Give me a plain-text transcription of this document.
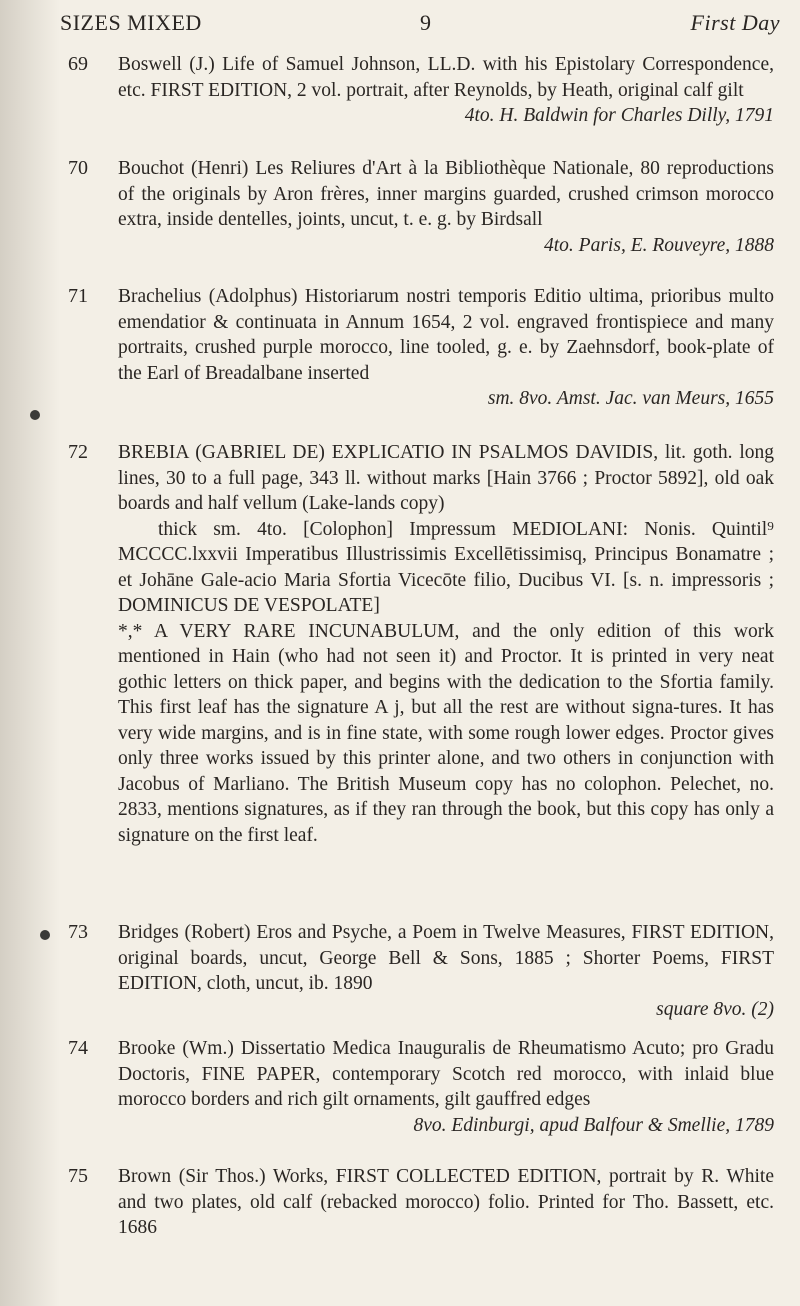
SIZES MIXED	9	First Day
69	Boswell (J.) Life of Samuel Johnson, LL.D. with his Epistolary Correspondence, etc. FIRST EDITION, 2 vol. portrait, after Reynolds, by Heath, original calf gilt

4to. H. Baldwin for Charles Dilly, 1791
70	Bouchot (Henri) Les Reliures d'Art à la Bibliothèque Nationale, 80 reproductions of the originals by Aron frères, inner margins guarded, crushed crimson morocco extra, inside dentelles, joints, uncut, t. e. g. by Birdsall

4to. Paris, E. Rouveyre, 1888
71	Brachelius (Adolphus) Historiarum nostri temporis Editio ultima, prioribus multo emendatior & continuata in Annum 1654, 2 vol. engraved frontispiece and many portraits, crushed purple morocco, line tooled, g. e. by Zaehnsdorf, book-plate of the Earl of Breadalbane inserted

sm. 8vo. Amst. Jac. van Meurs, 1655
72	BREBIA (GABRIEL DE) EXPLICATIO IN PSALMOS DAVIDIS, lit. goth. long lines, 30 to a full page, 343 ll. without marks [Hain 3766 ; Proctor 5892], old oak boards and half vellum (Lake-lands copy)

thick sm. 4to. [Colophon] Impressum MEDIOLANI: Nonis. Quintil⁹ MCCCC.lxxvii Imperatibus Illustrissimis Excellētissimisq, Principus Bonamatre ; et Johāne Gale-acio Maria Sfortia Vicecōte filio, Ducibus VI. [s. n. impressoris ; DOMINICUS DE VESPOLATE]

*,* A VERY RARE INCUNABULUM, and the only edition of this work mentioned in Hain (who had not seen it) and Proctor. It is printed in very neat gothic letters on thick paper, and begins with the dedication to the Sfortia family. This first leaf has the signature A j, but all the rest are without signa-tures. It has very wide margins, and is in fine state, with some rough lower edges. Proctor gives only three works issued by this printer alone, and two others in conjunction with Jacobus of Marliano. The British Museum copy has no colophon. Pelechet, no. 2833, mentions signatures, as if they ran through the book, but this copy has only a signature on the first leaf.

73	Bridges (Robert) Eros and Psyche, a Poem in Twelve Measures, FIRST EDITION, original boards, uncut, George Bell & Sons, 1885 ; Shorter Poems, FIRST EDITION, cloth, uncut, ib. 1890

square 8vo. (2)
74	Brooke (Wm.) Dissertatio Medica Inauguralis de Rheumatismo Acuto; pro Gradu Doctoris, FINE PAPER, contemporary Scotch red morocco, with inlaid blue morocco borders and rich gilt ornaments, gilt gauffred edges

8vo. Edinburgi, apud Balfour & Smellie, 1789
75	Brown (Sir Thos.) Works, FIRST COLLECTED EDITION, portrait by R. White and two plates, old calf (rebacked morocco) folio. Printed for Tho. Bassett, etc. 1686
